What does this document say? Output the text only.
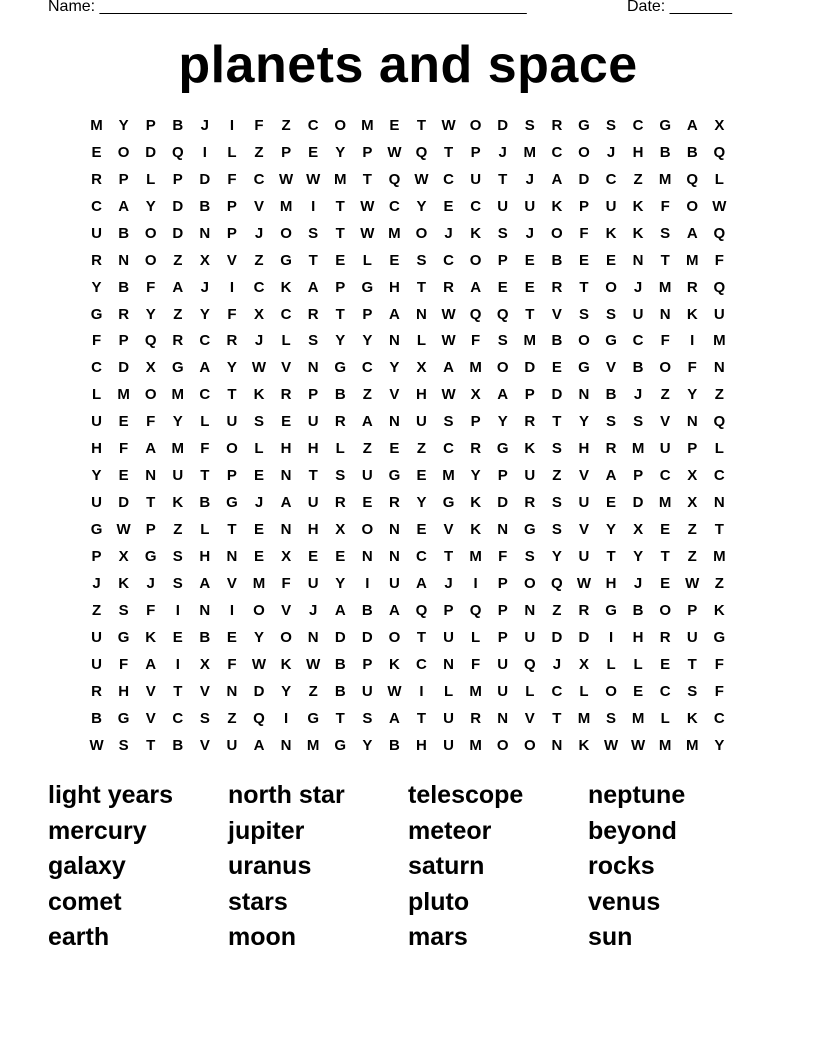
Name: ________________________________________________	Date: _______
planets and space
M	Y	P	B	J	I	F	Z	C	O M	E	T	W O	D	S	R	G	S	C	G	A	X
E	O	D	Q	I	L	Z	P	E	Y	P W Q	T	P	J	M	C	O	J	H	B	B	Q
R	P	L	P	D	F	C W W M	T	Q W C	U	T	J	A	D	C	Z	M	Q	L
C	A	Y	D	B	P	V	M	I	T	W C	Y	E	C	U	U	K	P	U	K	F	O W
U	B	O	D	N	P	J	O	S	T	W M	O	J	K	S	J	O	F	K	K	S	A	Q
R	N	O	Z	X	V	Z	G	T	E	L	E	S	C	O	P	E	B	E	E	N	T	M	F
Y	B	F	A	J	I	C	K	A	P	G	H	T	R	A	E	E	R	T	O	J	M	R	Q
G	R	Y	Z	Y	F	X	C	R	T	P	A	N W Q	Q	T	V	S	S	U	N	K	U
F	P	Q	R	C	R	J	L	S	Y	Y	N	L	W	F	S	M	B	O	G	C	F	I	M
C	D	X	G	A	Y W V	N	G	C	Y	X	A	M	O	D	E	G	V	B	O	F	N
L	M	O M	C	T	K	R	P	B	Z	V	H W X	A	P	D	N	B	J	Z	Y	Z
U	E	F	Y	L	U	S	E	U	R	A	N	U	S	P	Y	R	T	Y	S	S	V	N	Q
H	F	A	M	F	O	L	H	H	L	Z	E	Z	C	R	G	K	S	H	R	M	U	P	L
Y	E	N	U	T	P	E	N	T	S	U	G	E	M	Y	P	U	Z	V	A	P	C	X	C
U	D	T	K	B	G	J	A	U	R	E	R	Y	G	K	D	R	S	U	E	D	M	X	N
G W P	Z	L	T	E	N	H	X	O	N	E	V	K	N	G	S	V	Y	X	E	Z	T
P	X	G	S	H	N	E	X	E	E	N	N	C	T	M	F	S	Y	U	T	Y	T	Z	M
J	K	J	S	A	V	M	F	U	Y	I	U	A	J	I	P	O	Q W H	J	E W	Z
Z	S	F	I	N	I	O	V	J	A	B	A	Q	P	Q	P	N	Z	R	G	B	O	P	K
U	G	K	E	B	E	Y	O	N	D	D	O	T	U	L	P	U	D	D	I	H	R	U	G
U	F	A	I	X	F	W K W B	P	K	C	N	F	U	Q	J	X	L	L	E	T	F
R	H	V	T	V	N	D	Y	Z	B	U W	I	L	M	U	L	C	L	O	E	C	S	F
B	G	V	C	S	Z	Q	I	G	T	S	A	T	U	R	N	V	T	M	S	M	L	K	C
W S	T	B	V	U	A	N	M	G	Y	B	H	U	M	O	O	N	K W W M M	Y
light years	north star	telescope	neptune
mercury	jupiter	meteor	beyond
galaxy	uranus	saturn	rocks
comet	stars	pluto	venus
earth	moon	mars	sun
